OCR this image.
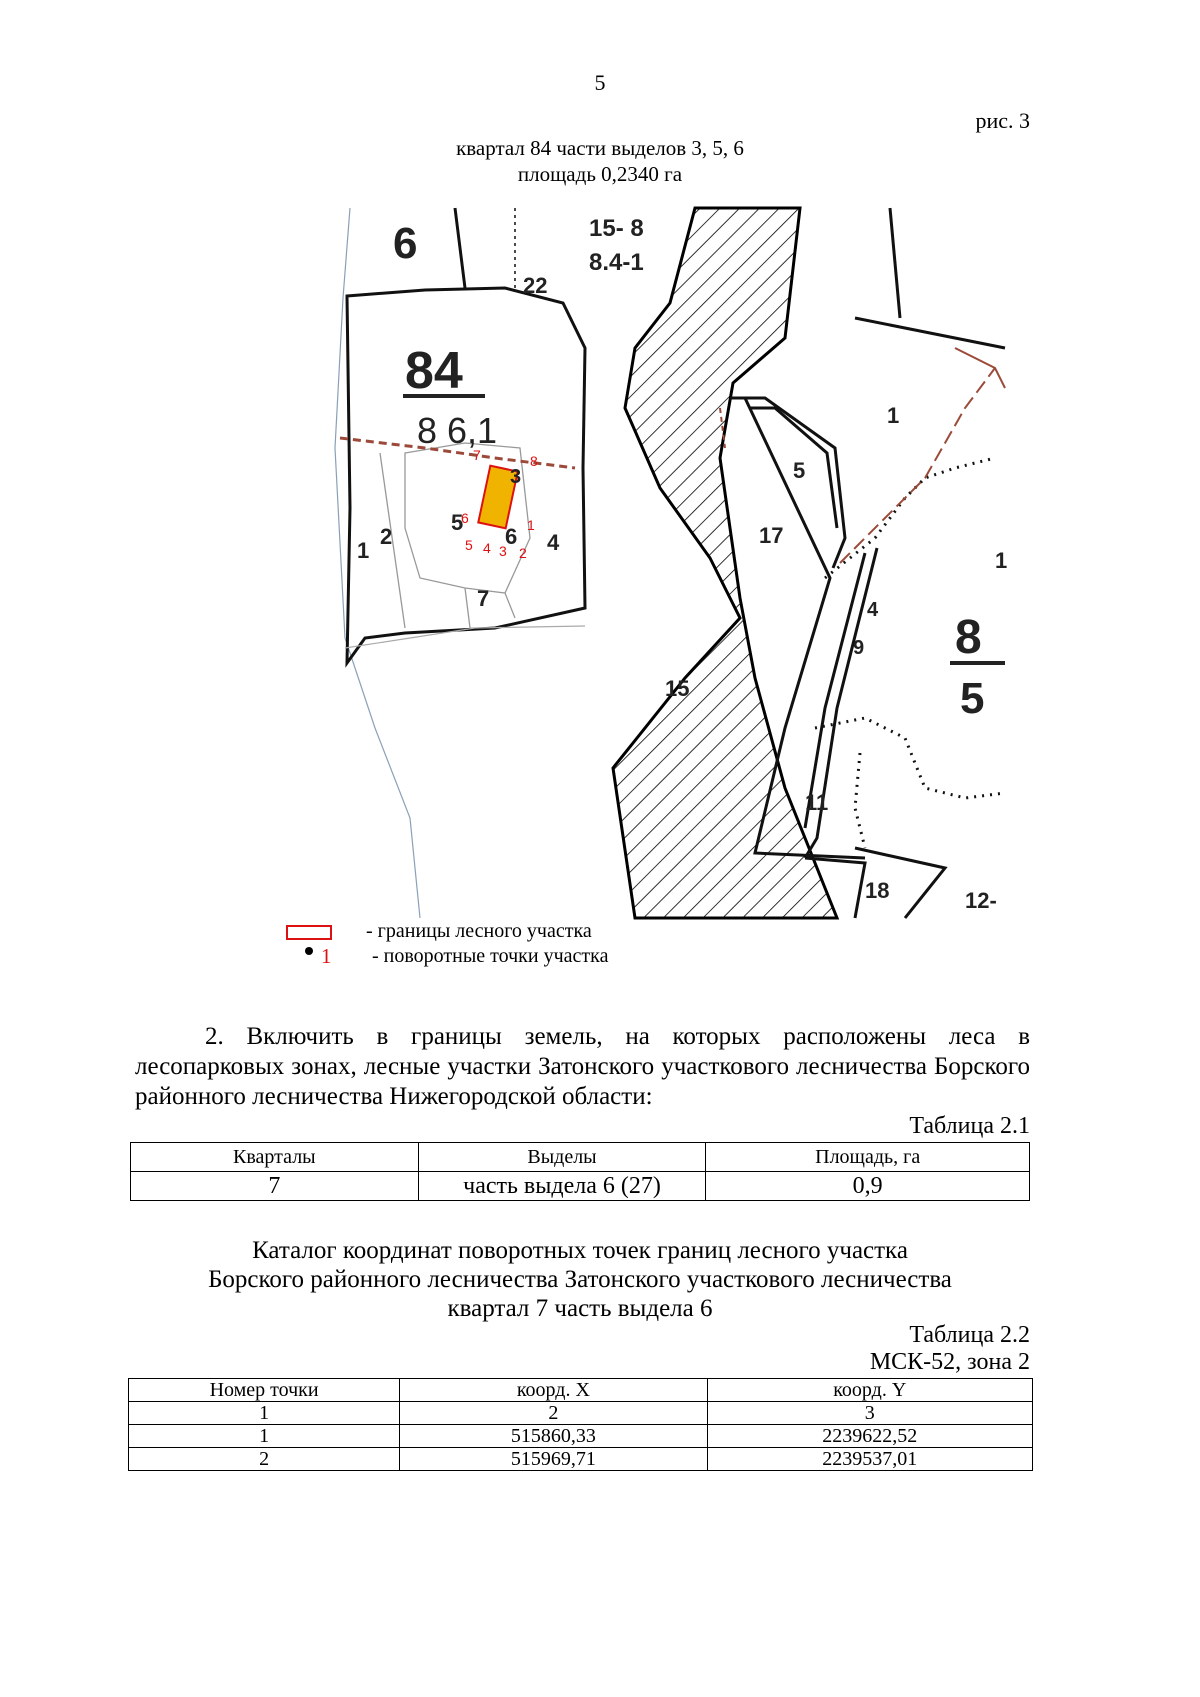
5
рис. 3
квартал 84 части выделов 3, 5, 6
площадь 0,2340 га
6	15- 8
8.4-1
22
84
8 6,1
1
2
3
4
5
6
7
1
5
17
4
9
15
11
18	12-
8
5
1
7	8
6	1
5 4 3 2
- границы лесного участка
1 - поворотные точки участка
2. Включить в границы земель, на которых расположены леса в лесопарковых зонах, лесные участки Затонского участкового лесничества Борского районного лесничества Нижегородской области:
Таблица 2.1
Кварталы	Выделы	Площадь, га
7	часть выдела 6 (27)	0,9
Каталог координат поворотных точек границ лесного участка
Борского районного лесничества Затонского участкового лесничества
квартал 7 часть выдела 6
Таблица 2.2
МСК-52, зона 2
Номер точки	коорд. X	коорд. Y
1	2	3
1	515860,33	2239622,52
2	515969,71	2239537,01
